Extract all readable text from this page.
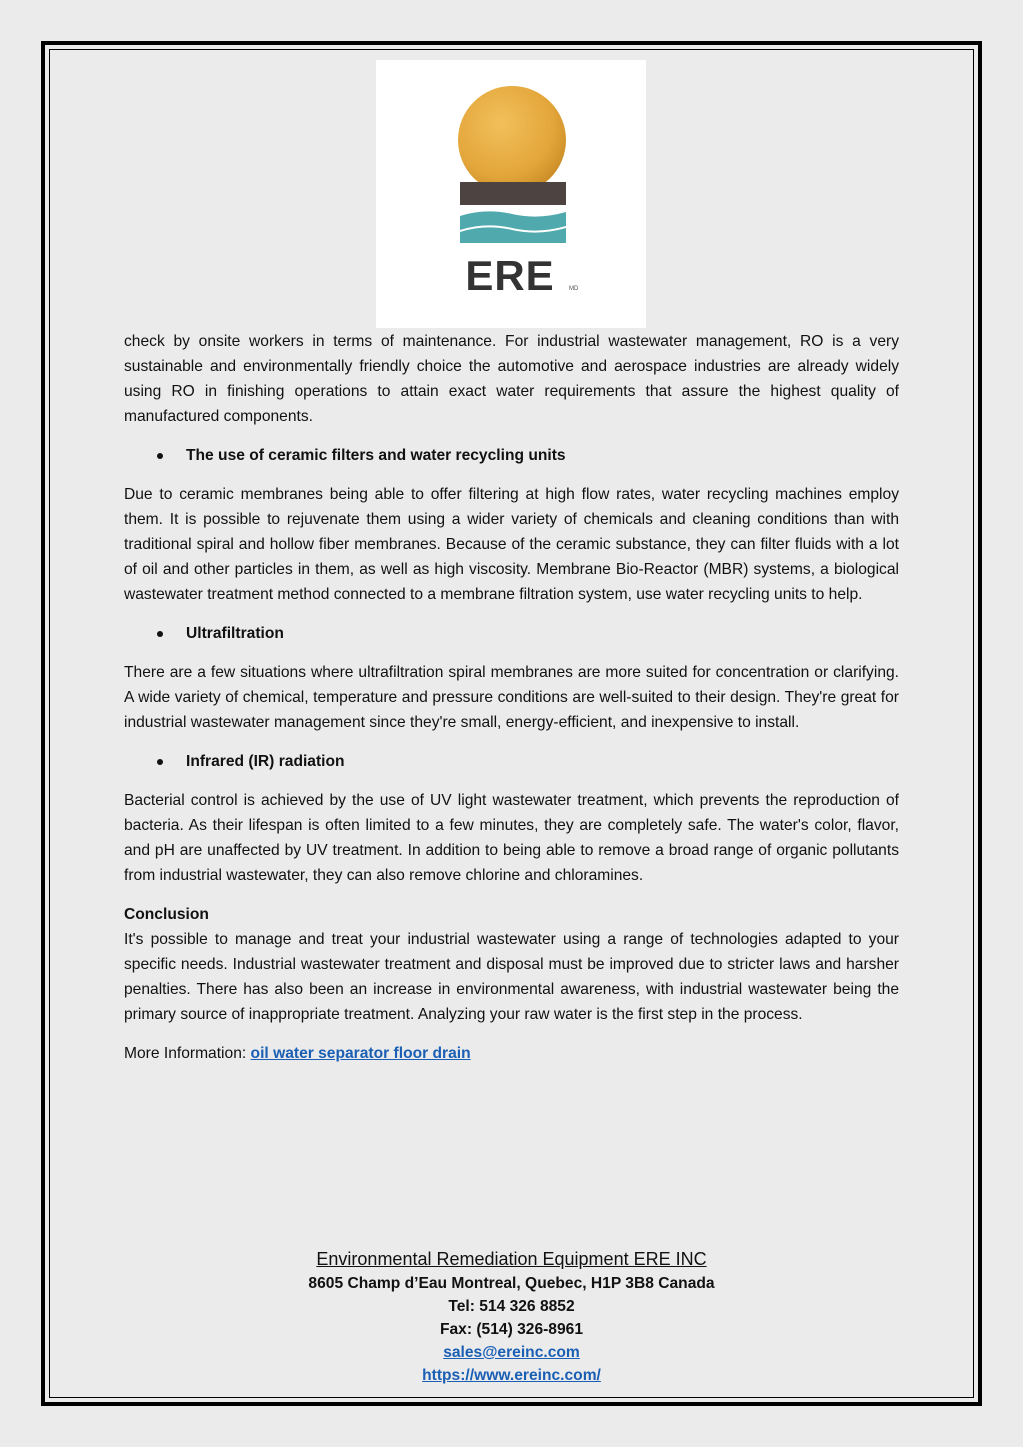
ERE MD

check by onsite workers in terms of maintenance. For industrial wastewater management, RO is a very sustainable and environmentally friendly choice the automotive and aerospace industries are already widely using RO in finishing operations to attain exact water requirements that assure the highest quality of manufactured components.

The use of ceramic filters and water recycling units

Due to ceramic membranes being able to offer filtering at high flow rates, water recycling machines employ them. It is possible to rejuvenate them using a wider variety of chemicals and cleaning conditions than with traditional spiral and hollow fiber membranes. Because of the ceramic substance, they can filter fluids with a lot of oil and other particles in them, as well as high viscosity. Membrane Bio-Reactor (MBR) systems, a biological wastewater treatment method connected to a membrane filtration system, use water recycling units to help.

Ultrafiltration

There are a few situations where ultrafiltration spiral membranes are more suited for concentration or clarifying. A wide variety of chemical, temperature and pressure conditions are well-suited to their design. They're great for industrial wastewater management since they're small, energy-efficient, and inexpensive to install.

Infrared (IR) radiation

Bacterial control is achieved by the use of UV light wastewater treatment, which prevents the reproduction of bacteria. As their lifespan is often limited to a few minutes, they are completely safe. The water's color, flavor, and pH are unaffected by UV treatment. In addition to being able to remove a broad range of organic pollutants from industrial wastewater, they can also remove chlorine and chloramines.

Conclusion

It's possible to manage and treat your industrial wastewater using a range of technologies adapted to your specific needs. Industrial wastewater treatment and disposal must be improved due to stricter laws and harsher penalties. There has also been an increase in environmental awareness, with industrial wastewater being the primary source of inappropriate treatment. Analyzing your raw water is the first step in the process.

More Information: oil water separator floor drain

Environmental Remediation Equipment ERE INC
8605 Champ d’Eau Montreal, Quebec, H1P 3B8 Canada
Tel: 514 326 8852
Fax: (514) 326-8961
sales@ereinc.com
https://www.ereinc.com/
